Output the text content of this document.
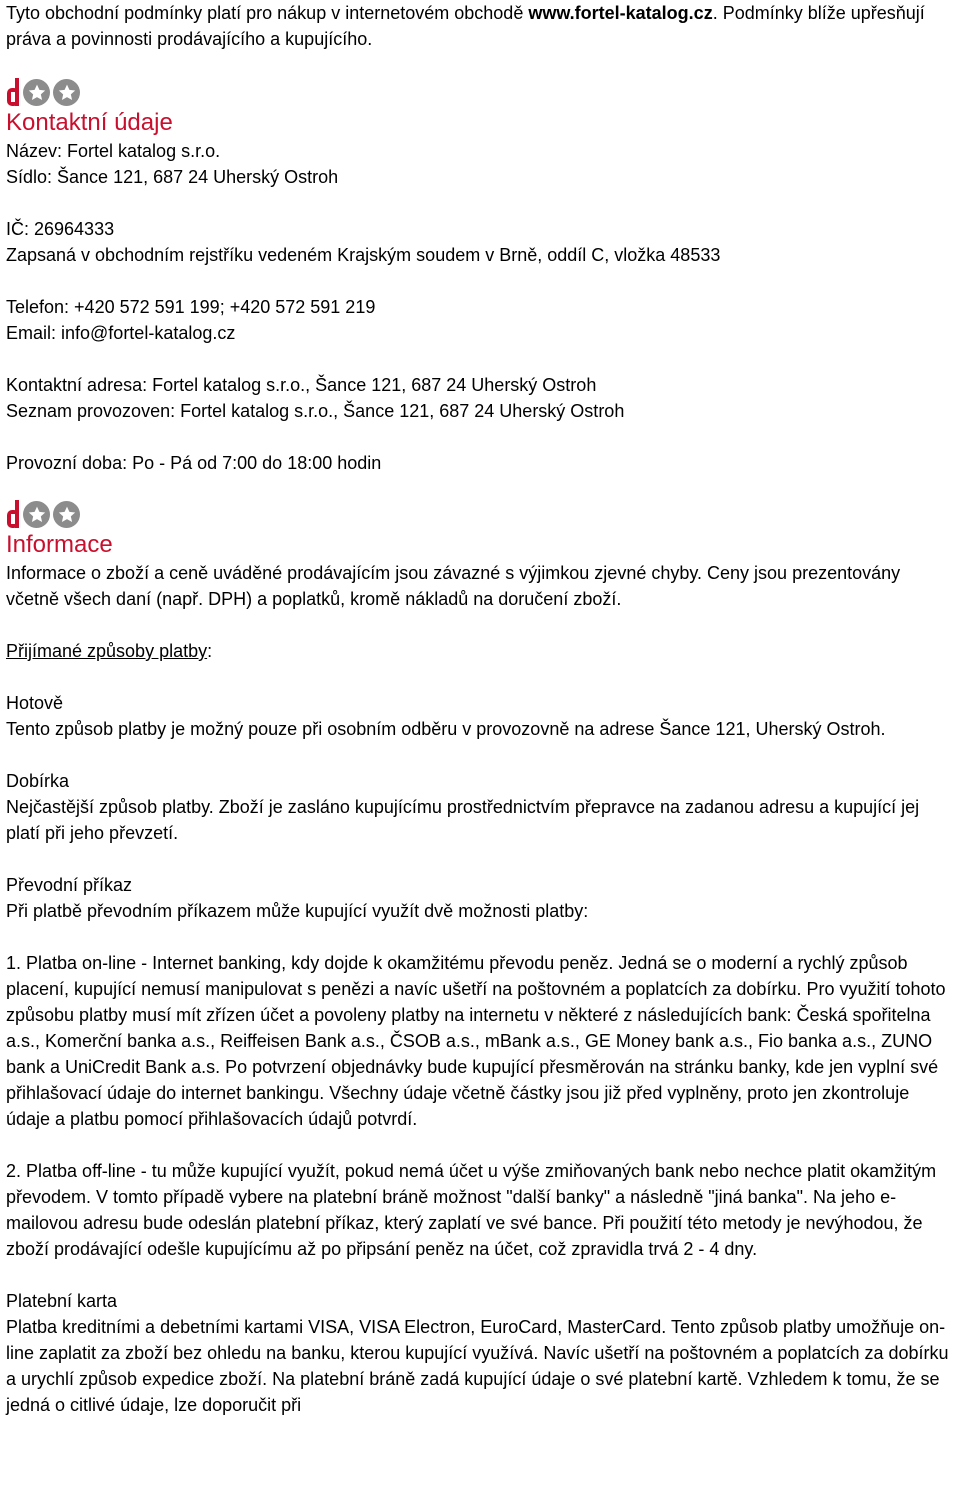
Tyto obchodní podmínky platí pro nákup v internetovém obchodě www.fortel-katalog.cz. Podmínky blíže upřesňují práva a povinnosti prodávajícího a kupujícího.

Kontaktní údaje

Název: Fortel katalog s.r.o.

Sídlo: Šance 121, 687 24 Uherský Ostroh

IČ: 26964333

Zapsaná v obchodním rejstříku vedeném Krajským soudem v Brně, oddíl C, vložka 48533

Telefon: +420 572 591 199; +420 572 591 219

Email: info@fortel-katalog.cz

Kontaktní adresa: Fortel katalog s.r.o., Šance 121, 687 24 Uherský Ostroh

Seznam provozoven: Fortel katalog s.r.o., Šance 121, 687 24 Uherský Ostroh

Provozní doba: Po - Pá od 7:00 do 18:00 hodin

Informace

Informace o zboží a ceně uváděné prodávajícím jsou závazné s výjimkou zjevné chyby. Ceny jsou prezentovány včetně všech daní (např. DPH) a poplatků, kromě nákladů na doručení zboží.

Přijímané způsoby platby:

Hotově

Tento způsob platby je možný pouze při osobním odběru v provozovně na adrese Šance 121, Uherský Ostroh.

Dobírka

Nejčastější způsob platby. Zboží je zasláno kupujícímu prostřednictvím přepravce na zadanou adresu a kupující jej platí při jeho převzetí.

Převodní příkaz

Při platbě převodním příkazem může kupující využít dvě možnosti platby:

1. Platba on-line - Internet banking, kdy dojde k okamžitému převodu peněz. Jedná se o moderní a rychlý způsob placení, kupující nemusí manipulovat s penězi a navíc ušetří na poštovném a poplatcích za dobírku. Pro využití tohoto způsobu platby musí mít zřízen účet a povoleny platby na internetu v některé z následujících bank: Česká spořitelna a.s., Komerční banka a.s., Reiffeisen Bank a.s., ČSOB a.s., mBank a.s., GE Money bank a.s., Fio banka a.s., ZUNO bank a UniCredit Bank a.s. Po potvrzení objednávky bude kupující přesměrován na stránku banky, kde jen vyplní své přihlašovací údaje do internet bankingu. Všechny údaje včetně částky jsou již před vyplněny, proto jen zkontroluje údaje a platbu pomocí přihlašovacích údajů potvrdí.

2. Platba off-line - tu může kupující využít, pokud nemá účet u výše zmiňovaných bank nebo nechce platit okamžitým převodem. V tomto případě vybere na platební bráně možnost "další banky" a následně "jiná banka". Na jeho e-mailovou adresu bude odeslán platební příkaz, který zaplatí ve své bance. Při použití této metody je nevýhodou, že zboží prodávající odešle kupujícímu až po připsání peněz na účet, což zpravidla trvá 2 - 4 dny.

Platební karta

Platba kreditními a debetními kartami VISA, VISA Electron, EuroCard, MasterCard. Tento způsob platby umožňuje on-line zaplatit za zboží bez ohledu na banku, kterou kupující využívá. Navíc ušetří na poštovném a poplatcích za dobírku a urychlí způsob expedice zboží. Na platební bráně zadá kupující údaje o své platební kartě. Vzhledem k tomu, že se jedná o citlivé údaje, lze doporučit při
